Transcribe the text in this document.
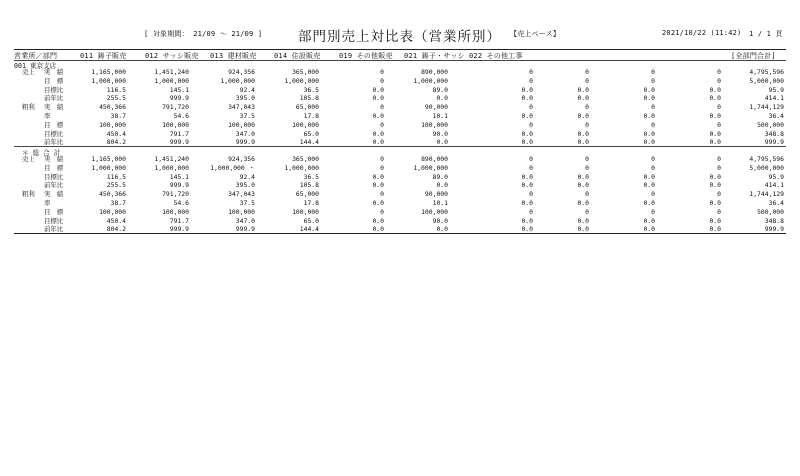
[ 対象期間： 21/09 ～ 21/09 ]	部門別売上対比表（営業所別） 【売上ベース】	2021/10/22 (11:42) 1 / 1 頁
営業所／部門	011 鋳子販売	012 サッシ販売 013 建材販売	014 住設販売	019 その他販売 021 鋳子・サッシ 022 その他工事	[全部門合計]
001 東京支店
売上 実　績	1,165,000	1,451,240	924,356	365,000	0	890,000	0	0	0	0	4,795,596
目　標	1,000,000	1,000,000	1,000,000	1,000,000	0	1,000,000	0	0	0	0	5,000,000
目標比	116.5	145.1	92.4	36.5	0.0	89.0	0.0	0.0	0.0	0.0	95.9
前年比	255.5	999.9	395.0	105.8	0.0	0.0	0.0	0.0	0.0	0.0	414.1
粗利 実　績	450,366	791,720	347,043	65,000	0	90,000	0	0	0	0	1,744,129
率	38.7	54.6	37.5	17.8	0.0	10.1	0.0	0.0	0.0	0.0	36.4
目　標	100,000	100,000	100,000	100,000	0	100,000	0	0	0	0	500,000
目標比	450.4	791.7	347.0	65.0	0.0	90.0	0.0	0.0	0.0	0.0	348.8
前年比	804.2	999.9	999.9	144.4	0.0	0.0	0.0	0.0	0.0	0.0	999.9
＊ 総 合 計
売上 実　績	1,165,000	1,451,240	924,356	365,000	0	890,000	0	0	0	0	4,795,596
目　標	1,000,000	1,000,000	1,000,000 ・	1,000,000	0	1,000,000	0	0	0	0	5,000,000
目標比	116.5	145.1	92.4	36.5	0.0	89.0	0.0	0.0	0.0	0.0	95.9
前年比	255.5	999.9	395.0	105.8	0.0	0.0	0.0	0.0	0.0	0.0	414.1
粗利 実　績	450,366	791,720	347,043	65,000	0	90,000	0	0	0	0	1,744,129
率	38.7	54.6	37.5	17.8	0.0	10.1	0.0	0.0	0.0	0.0	36.4
目　標	100,000	100,000	100,000	100,000	0	100,000	0	0	0	0	500,000
目標比	450.4	791.7	347.0	65.0	0.0	90.0	0.0	0.0	0.0	0.0	348.8
前年比	804.2	999.9	999.9	144.4	0.0	0.0	0.0	0.0	0.0	0.0	999.9
